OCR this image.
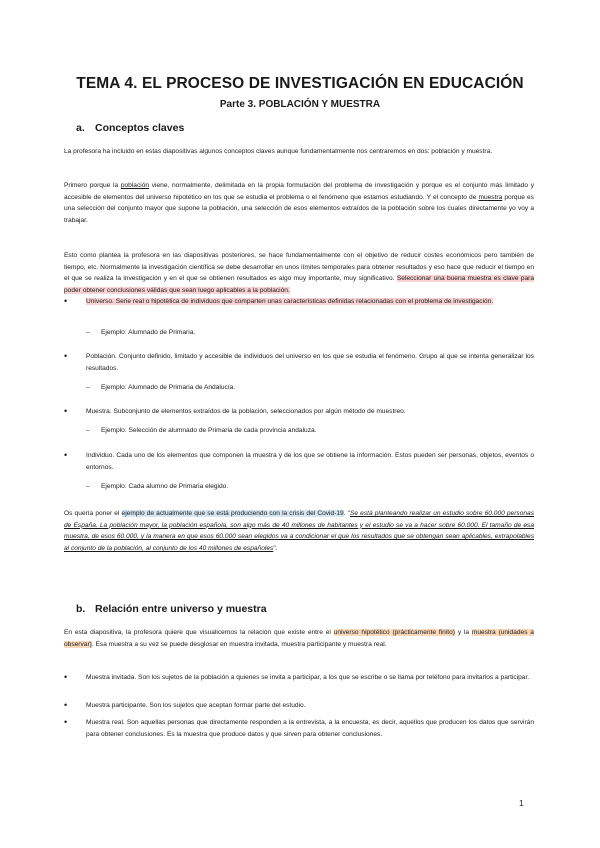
TEMA 4. EL PROCESO DE INVESTIGACIÓN EN EDUCACIÓN
Parte 3. POBLACIÓN Y MUESTRA
a. Conceptos claves
La profesora ha incluido en estas diapositivas algunos conceptos claves aunque fundamentalmente nos centraremos en dos: población y muestra.
Primero porque la población viene, normalmente, delimitada en la propia formulación del problema de investigación y porque es el conjunto más limitado y accesible de elementos del universo hipotético en los que se estudia el problema o el fenómeno que estamos estudiando. Y el concepto de muestra porque es una selección del conjunto mayor que supone la población, una selección de esos elementos extraídos de la población sobre los cuales directamente yo voy a trabajar.
Esto como plantea la profesora en las diapositivas posteriores, se hace fundamentalmente con el objetivo de reducir costes económicos pero también de tiempo, etc. Normalmente la investigación científica se debe desarrollar en unos límites temporales para obtener resultados y eso hace que reducir el tiempo en el que se realiza la investigación y en el que se obtienen resultados es algo muy importante, muy significativo. Seleccionar una buena muestra es clave para poder obtener conclusiones válidas que sean luego aplicables a la población.
•	Universo. Serie real o hipotética de individuos que comparten unas características definidas relacionadas con el problema de investigación.
– Ejemplo: Alumnado de Primaria.
•	Población. Conjunto definido, limitado y accesible de individuos del universo en los que se estudia el fenómeno. Grupo al que se intenta generalizar los resultados.
– Ejemplo: Alumnado de Primaria de Andalucía.
•	Muestra. Subconjunto de elementos extraídos de la población, seleccionados por algún método de muestreo.
– Ejemplo: Selección de alumnado de Primaria de cada provincia andaluza.
•	Individuo. Cada uno de los elementos que componen la muestra y de los que se obtiene la información. Estos pueden ser personas, objetos, eventos o entornos.
– Ejemplo: Cada alumno de Primaria elegido.
Os quería poner el ejemplo de actualmente que se está produciendo con la crisis del Covid-19. "Se está planteando realizar un estudio sobre 60.000 personas de España. La población mayor, la población española, son algo más de 40 millones de habitantes y el estudio se va a hacer sobre 60.000. El tamaño de esa muestra, de esos 60.000, y la manera en que esos 60.000 sean elegidos va a condicionar el que los resultados que se obtengan sean aplicables, extrapolables al conjunto de la población, al conjunto de los 40 millones de españoles".
b. Relación entre universo y muestra
En esta diapositiva, la profesora quiere que visualicemos la relación que existe entre el universo hipotético (prácticamente finito) y la muestra (unidades a observar). Esa muestra a su vez se puede desglosar en muestra invitada, muestra participante y muestra real.
•	Muestra invitada. Son los sujetos de la población a quienes se invita a participar, a los que se escribe o se llama por teléfono para invitarlos a participar.
•	Muestra participante. Son los sujetos que aceptan formar parte del estudio.
•	Muestra real. Son aquellas personas que directamente responden a la entrevista, a la encuesta, es decir, aquellos que producen los datos que servirán para obtener conclusiones. Es la muestra que produce datos y que sirven para obtener conclusiones.
1
